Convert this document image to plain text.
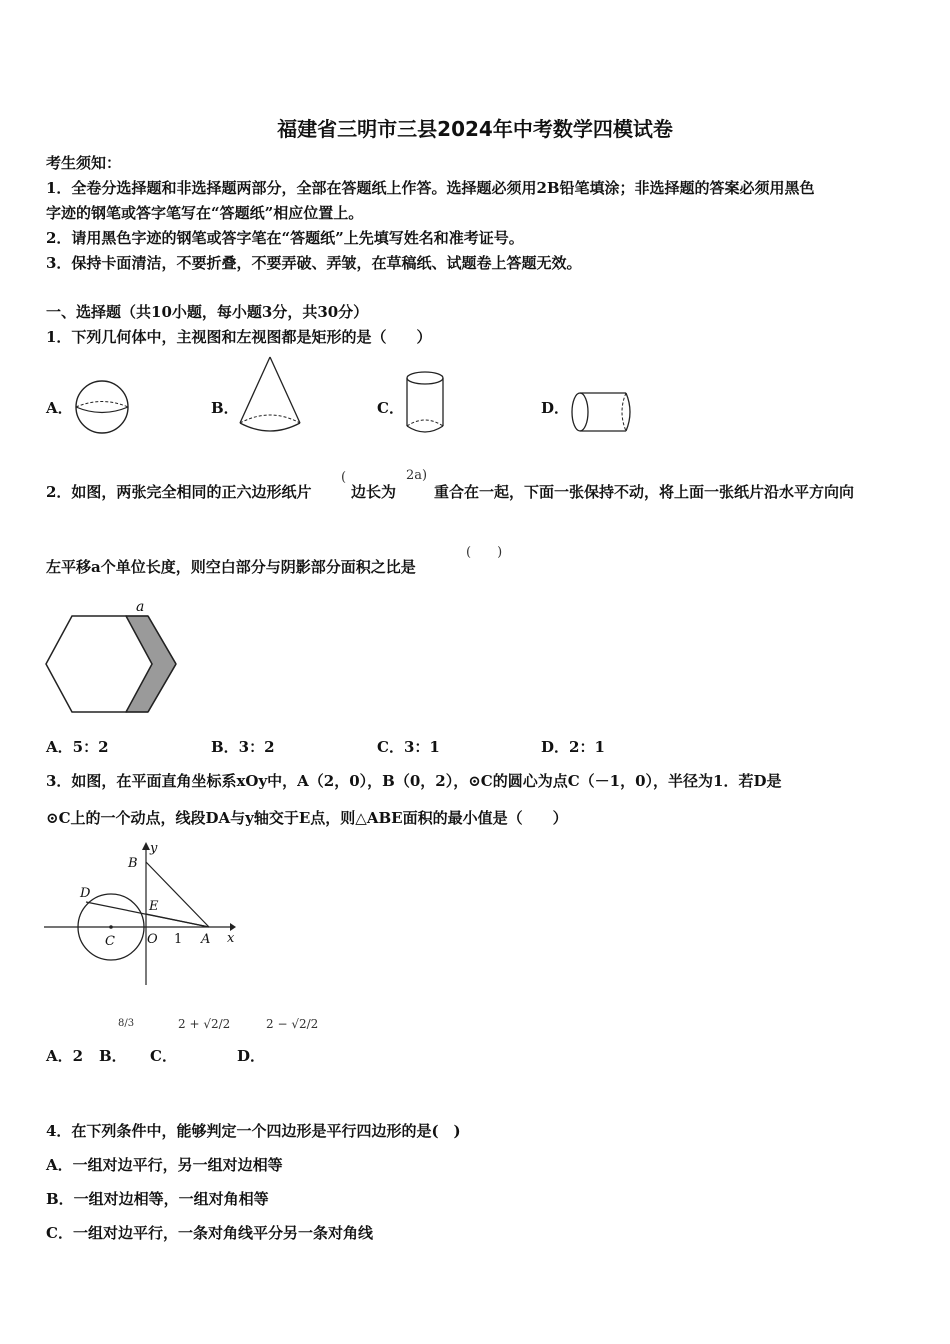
福建省三明市三县2024年中考数学四模试卷
考生须知：
1．全卷分选择题和非选择题两部分，全部在答题纸上作答。选择题必须用2B铅笔填涂；非选择题的答案必须用黑色
字迹的钢笔或答字笔写在“答题纸”相应位置上。
2．请用黑色字迹的钢笔或答字笔在“答题纸”上先填写姓名和准考证号。
3．保持卡面清洁，不要折叠，不要弄破、弄皱，在草稿纸、试题卷上答题无效。
一、选择题（共10小题，每小题3分，共30分）
1．下列几何体中，主视图和左视图都是矩形的是（　　）
A．	B．	C．	D．
2．如图，两张完全相同的正六边形纸片
(
边长为
2a)
重合在一起，下面一张保持不动，将上面一张纸片沿水平方向向
左平移a个单位长度，则空白部分与阴影部分面积之比是
(　　)
a
A．5：2	B．3：2	C．3：1	D．2：1
3．如图，在平面直角坐标系xOy中，A（2，0），B（0，2），⊙C的圆心为点C（－1，0），半径为1．若D是
⊙C上的一个动点，线段DA与y轴交于E点，则△ABE面积的最小值是（　　）
y
x
B
D
E
C O	A
1
8/3	2 + √2/2	2 − √2/2
A．2 B． C．	D．
4．在下列条件中，能够判定一个四边形是平行四边形的是(　)
A．一组对边平行，另一组对边相等
B．一组对边相等，一组对角相等
C．一组对边平行，一条对角线平分另一条对角线
